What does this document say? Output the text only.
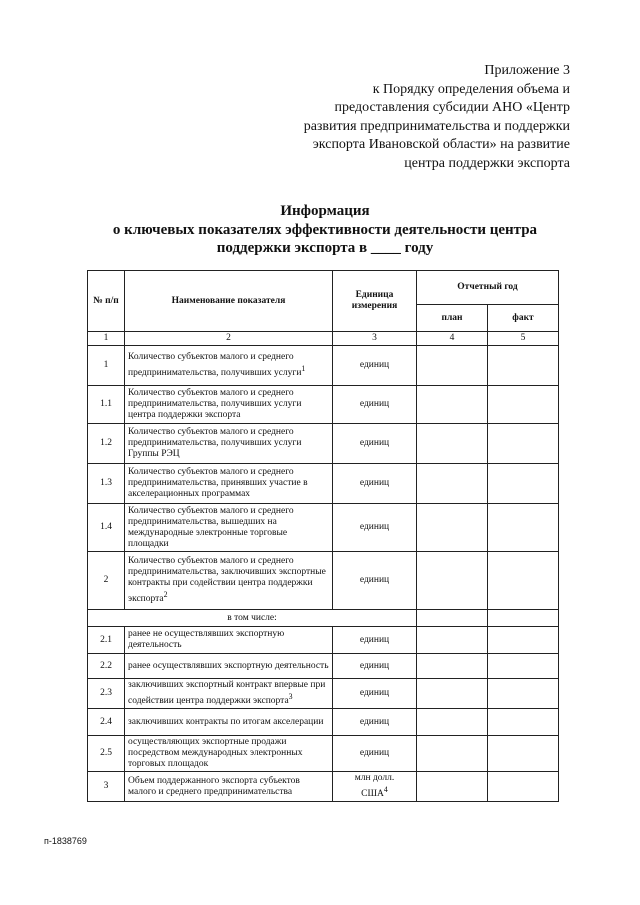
Приложение 3
к Порядку определения объема и
предоставления субсидии АНО «Центр
развития предпринимательства и поддержки
экспорта Ивановской области» на развитие
центра поддержки экспорта
Информация
о ключевых показателях эффективности деятельности центра
поддержки экспорта в ____ году
№ п/п	Наименование показателя	Единица измерения	Отчетный год	
			план	факт
1	2	3	4	5
1	Количество субъектов малого и среднего предпринимательства, получивших услуги$^1$	единиц		
1.1	Количество субъектов малого и среднего предпринимательства, получивших услуги центра поддержки экспорта	единиц		
1.2	Количество субъектов малого и среднего предпринимательства, получивших услуги Группы РЭЦ	единиц		
1.3	Количество субъектов малого и среднего предпринимательства, принявших участие в акселерационных программах	единиц		
1.4	Количество субъектов малого и среднего предпринимательства, вышедших на международные электронные торговые площадки	единиц		
2	Количество субъектов малого и среднего предпринимательства, заключивших экспортные контракты при содействии центра поддержки экспорта$^2$	единиц		
в том числе:				
2.1	ранее не осуществлявших экспортную деятельность	единиц		
2.2	ранее осуществлявших экспортную деятельность	единиц		
2.3	заключивших экспортный контракт впервые при содействии центра поддержки экспорта$^3$	единиц		
2.4	заключивших контракты по итогам акселерации	единиц		
2.5	осуществляющих экспортные продажи посредством международных электронных торговых площадок	единиц		
3	Объем поддержанного экспорта субъектов малого и среднего предпринимательства	млн долл.
США$^4$

п-1838769
